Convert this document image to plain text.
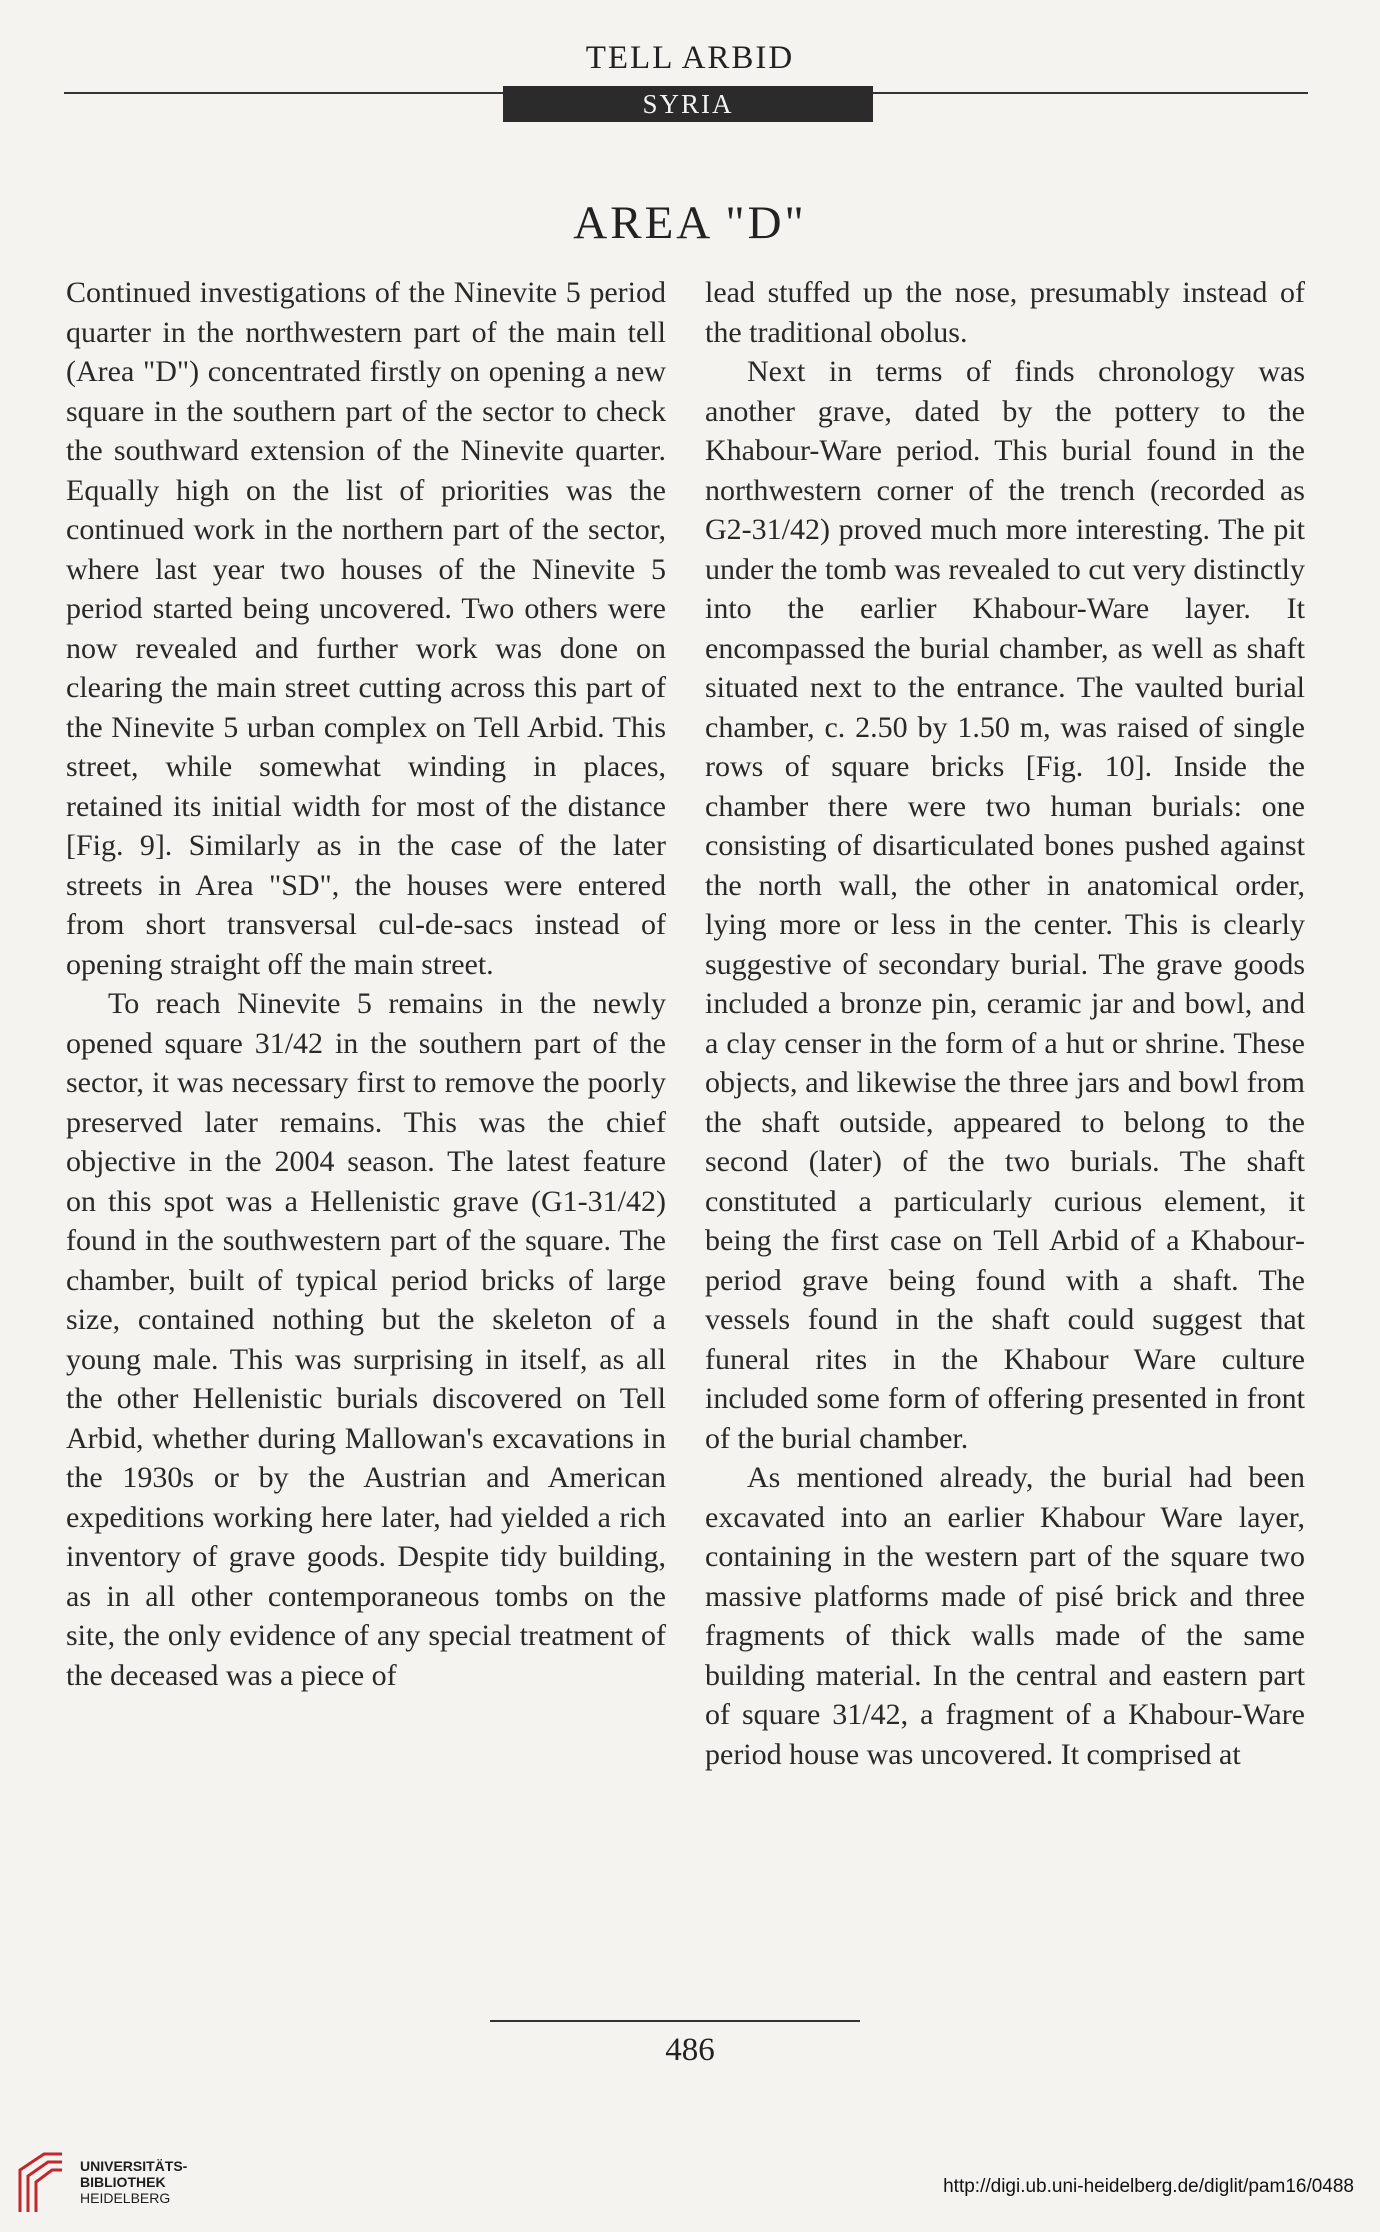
TELL ARBID
SYRIA
AREA "D"

Continued investigations of the Ninevite 5 period quarter in the northwestern part of the main tell (Area "D") concentrated firstly on opening a new square in the southern part of the sector to check the southward extension of the Ninevite quarter. Equally high on the list of priorities was the continued work in the northern part of the sector, where last year two houses of the Ninevite 5 period started being uncovered. Two others were now revealed and further work was done on clearing the main street cutting across this part of the Ninevite 5 urban complex on Tell Arbid. This street, while somewhat winding in places, retained its initial width for most of the distance [Fig. 9]. Similarly as in the case of the later streets in Area "SD", the houses were entered from short transversal cul-de-sacs instead of opening straight off the main street.

To reach Ninevite 5 remains in the newly opened square 31/42 in the southern part of the sector, it was necessary first to remove the poorly preserved later remains. This was the chief objective in the 2004 season. The latest feature on this spot was a Hellenistic grave (G1-31/42) found in the southwestern part of the square. The chamber, built of typical period bricks of large size, contained nothing but the skeleton of a young male. This was surprising in itself, as all the other Hellenistic burials discovered on Tell Arbid, whether during Mallowan's excavations in the 1930s or by the Austrian and American expeditions working here later, had yielded a rich inventory of grave goods. Despite tidy building, as in all other contemporaneous tombs on the site, the only evidence of any special treatment of the deceased was a piece of

lead stuffed up the nose, presumably instead of the traditional obolus.

Next in terms of finds chronology was another grave, dated by the pottery to the Khabour-Ware period. This burial found in the northwestern corner of the trench (recorded as G2-31/42) proved much more interesting. The pit under the tomb was revealed to cut very distinctly into the earlier Khabour-Ware layer. It encompassed the burial chamber, as well as shaft situated next to the entrance. The vaulted burial chamber, c. 2.50 by 1.50 m, was raised of single rows of square bricks [Fig. 10]. Inside the chamber there were two human burials: one consisting of disarticulated bones pushed against the north wall, the other in anatomical order, lying more or less in the center. This is clearly suggestive of secondary burial. The grave goods included a bronze pin, ceramic jar and bowl, and a clay censer in the form of a hut or shrine. These objects, and likewise the three jars and bowl from the shaft outside, appeared to belong to the second (later) of the two burials. The shaft constituted a particularly curious element, it being the first case on Tell Arbid of a Khabour-period grave being found with a shaft. The vessels found in the shaft could suggest that funeral rites in the Khabour Ware culture included some form of offering presented in front of the burial chamber.

As mentioned already, the burial had been excavated into an earlier Khabour Ware layer, containing in the western part of the square two massive platforms made of pisé brick and three fragments of thick walls made of the same building material. In the central and eastern part of square 31/42, a fragment of a Khabour-Ware period house was uncovered. It comprised at

486
UNIVERSITÄTS-
BIBLIOTHEK
HEIDELBERG
http://digi.ub.uni-heidelberg.de/diglit/pam16/0488
